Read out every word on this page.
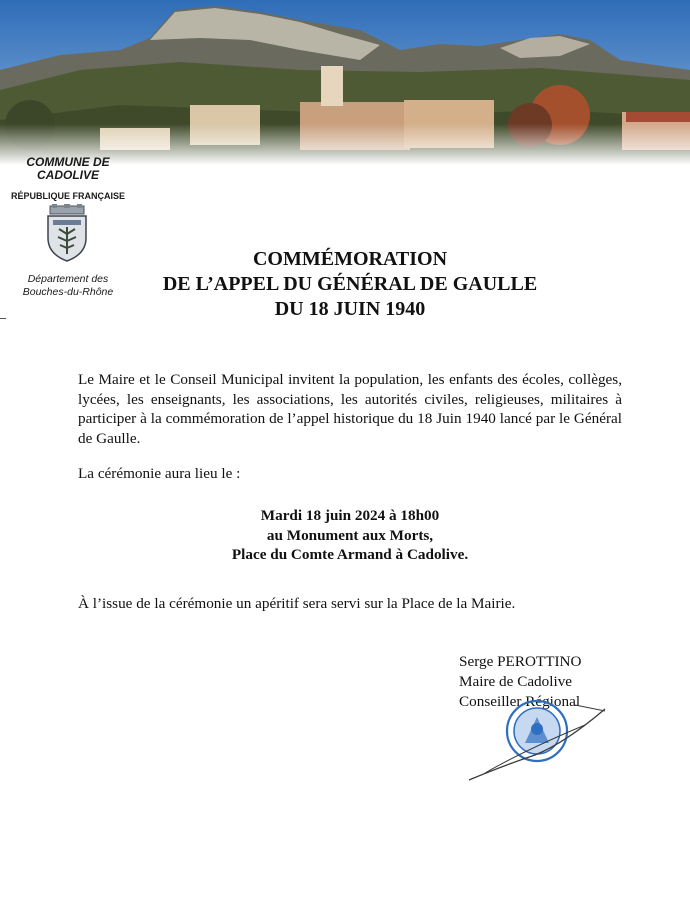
COMMUNE DE
CADOLIVE
RÉPUBLIQUE FRANÇAISE
Département des
Bouches-du-Rhône
COMMÉMORATION
DE L’APPEL DU GÉNÉRAL DE GAULLE
DU 18 JUIN 1940
Le Maire et le Conseil Municipal invitent la population, les enfants des écoles, collèges, lycées, les enseignants, les associations, les autorités civiles, religieuses, militaires à participer à la commémoration de l’appel historique du 18 Juin 1940 lancé par le Général de Gaulle.
La cérémonie aura lieu le :
Mardi 18 juin 2024 à 18h00
au Monument aux Morts,
Place du Comte Armand à Cadolive.
À l’issue de la cérémonie un apéritif sera servi sur la Place de la Mairie.
Serge PEROTTINO
Maire de Cadolive
Conseiller Régional
